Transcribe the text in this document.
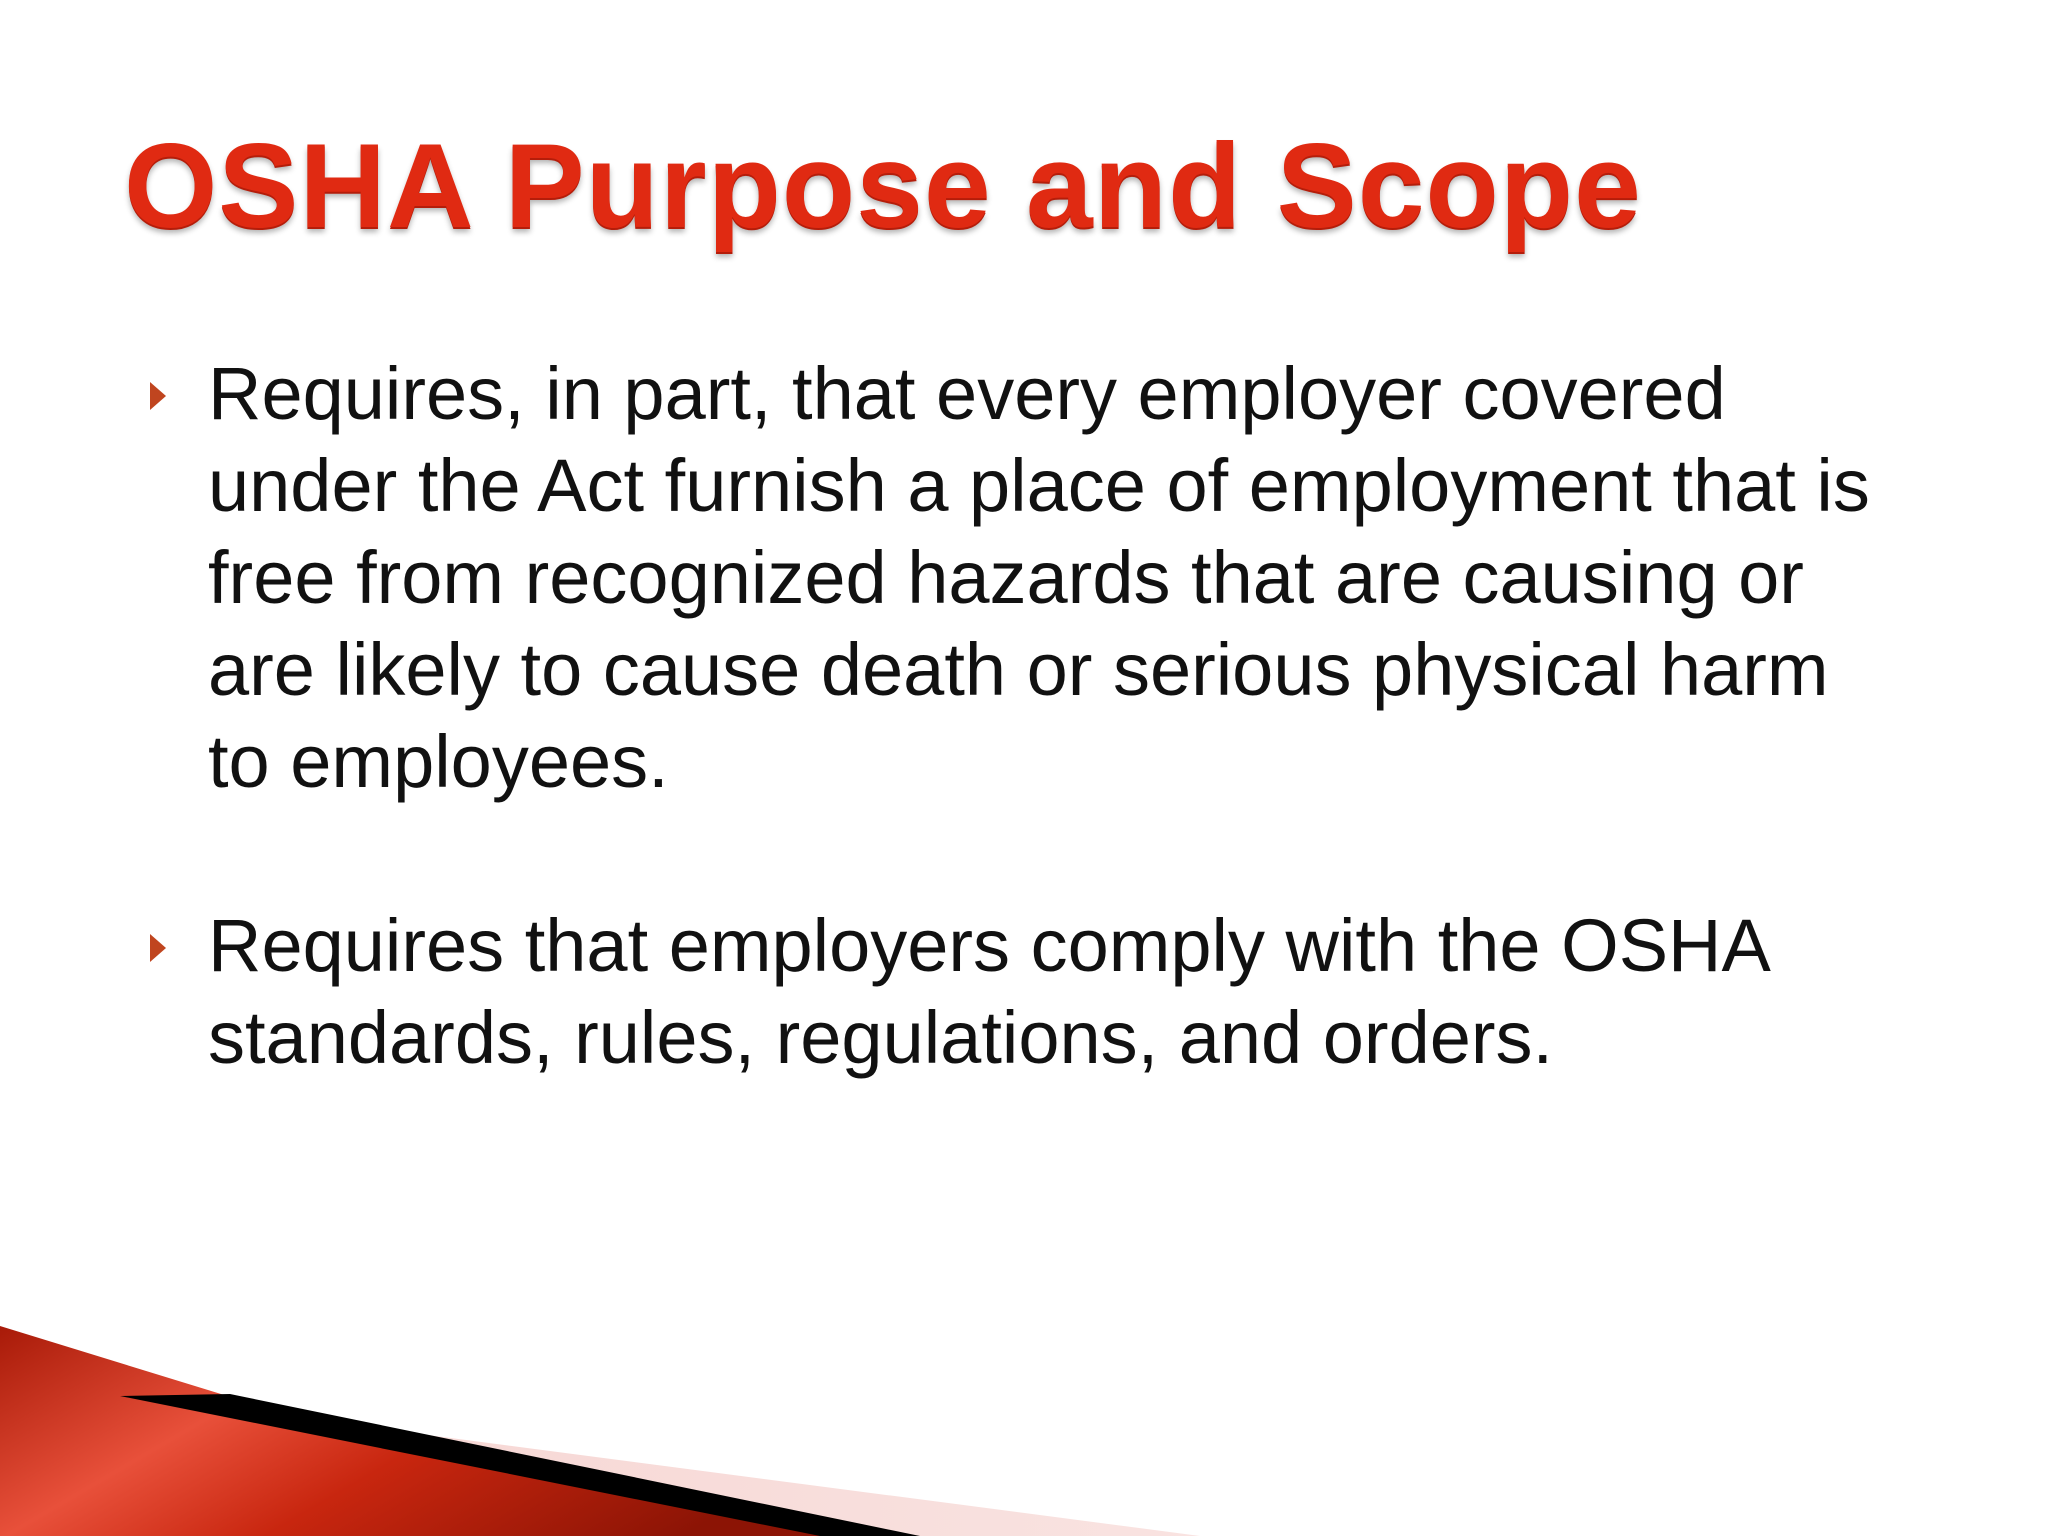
OSHA Purpose and Scope
Requires, in part, that every employer covered under the Act furnish a place of employment that is free from recognized hazards that are causing or are likely to cause death or serious physical harm to employees.
Requires that employers comply with the OSHA standards, rules, regulations, and orders.
